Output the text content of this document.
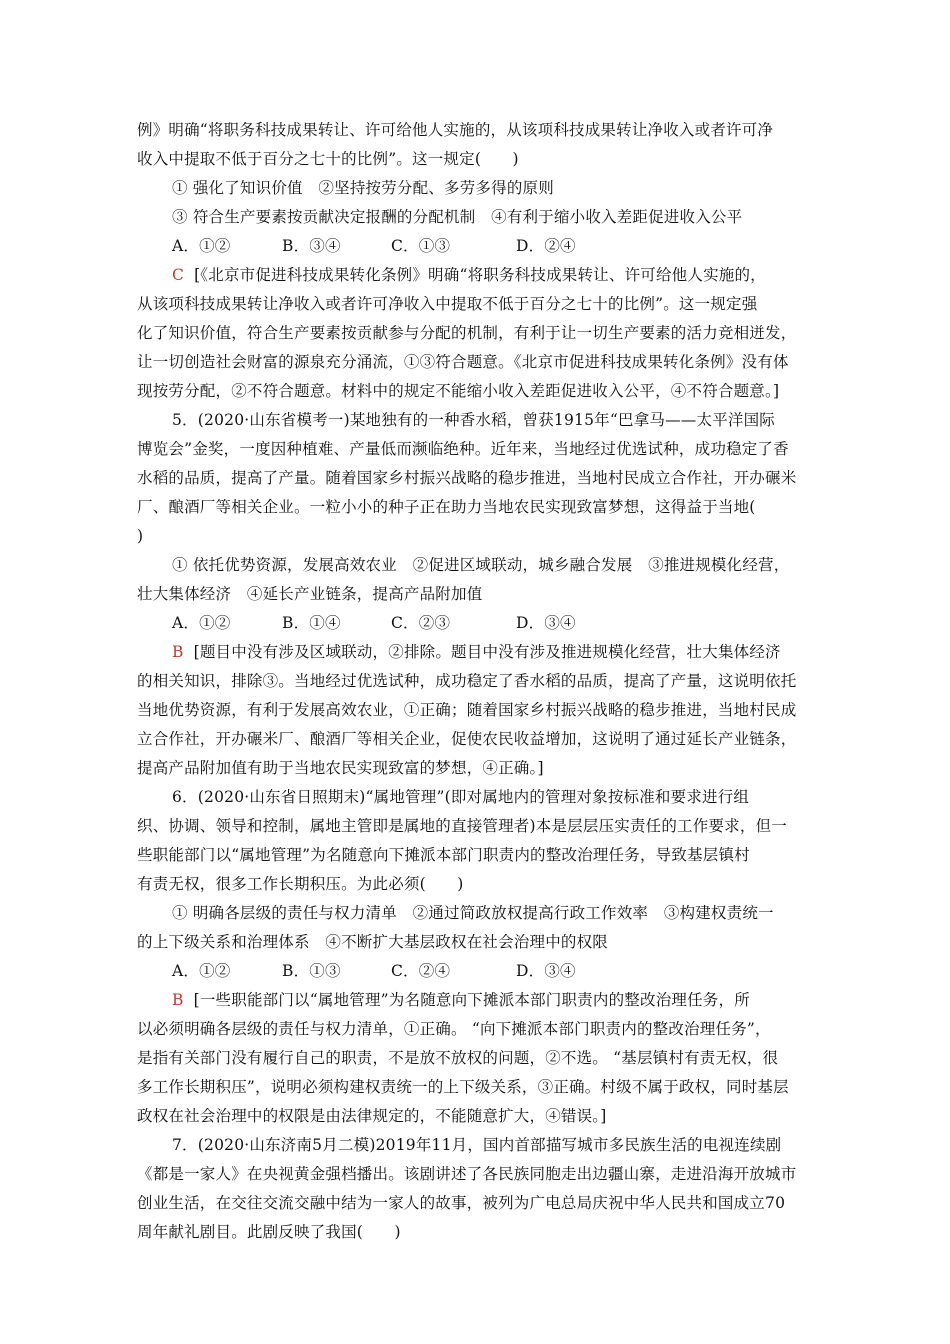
例》明确“将职务科技成果转让、许可给他人实施的，从该项科技成果转让净收入或者许可净
收入中提取不低于百分之七十的比例”。这一规定(　　)
① 强化了知识价值　②坚持按劳分配、多劳多得的原则
③ 符合生产要素按贡献决定报酬的分配机制　④有利于缩小收入差距促进收入公平
A．①②	B．③④	C．①③	D．②④
C [《北京市促进科技成果转化条例》明确“将职务科技成果转让、许可给他人实施的，
从该项科技成果转让净收入或者许可净收入中提取不低于百分之七十的比例”。这一规定强
化了知识价值，符合生产要素按贡献参与分配的机制，有利于让一切生产要素的活力竞相迸发，
让一切创造社会财富的源泉充分涌流，①③符合题意。《北京市促进科技成果转化条例》没有体
现按劳分配，②不符合题意。材料中的规定不能缩小收入差距促进收入公平，④不符合题意。]
5．(2020·山东省模考一)某地独有的一种香水稻，曾获1915年“巴拿马——太平洋国际
博览会”金奖，一度因种植难、产量低而濒临绝种。近年来，当地经过优选试种，成功稳定了香
水稻的品质，提高了产量。随着国家乡村振兴战略的稳步推进，当地村民成立合作社，开办碾米
厂、酿酒厂等相关企业。一粒小小的种子正在助力当地农民实现致富梦想，这得益于当地(
)
① 依托优势资源，发展高效农业　②促进区域联动，城乡融合发展　③推进规模化经营，
壮大集体经济　④延长产业链条，提高产品附加值
A．①②	B．①④	C．②③	D．③④
B [题目中没有涉及区域联动，②排除。题目中没有涉及推进规模化经营，壮大集体经济
的相关知识，排除③。当地经过优选试种，成功稳定了香水稻的品质，提高了产量，这说明依托
当地优势资源，有利于发展高效农业，①正确；随着国家乡村振兴战略的稳步推进，当地村民成
立合作社，开办碾米厂、酿酒厂等相关企业，促使农民收益增加，这说明了通过延长产业链条，
提高产品附加值有助于当地农民实现致富的梦想，④正确。]
6．(2020·山东省日照期末)“属地管理”(即对属地内的管理对象按标准和要求进行组
织、协调、领导和控制，属地主管即是属地的直接管理者)本是层层压实责任的工作要求，但一
些职能部门以“属地管理”为名随意向下摊派本部门职责内的整改治理任务，导致基层镇村
有责无权，很多工作长期积压。为此必须(　　)
① 明确各层级的责任与权力清单　②通过简政放权提高行政工作效率　③构建权责统一
的上下级关系和治理体系　④不断扩大基层政权在社会治理中的权限
A．①②	B．①③	C．②④	D．③④
B [一些职能部门以“属地管理”为名随意向下摊派本部门职责内的整改治理任务，所
以必须明确各层级的责任与权力清单，①正确。 “向下摊派本部门职责内的整改治理任务”，
是指有关部门没有履行自己的职责，不是放不放权的问题，②不选。 “基层镇村有责无权，很
多工作长期积压”，说明必须构建权责统一的上下级关系，③正确。村级不属于政权，同时基层
政权在社会治理中的权限是由法律规定的，不能随意扩大，④错误。]
7．(2020·山东济南5月二模)2019年11月，国内首部描写城市多民族生活的电视连续剧
《都是一家人》在央视黄金强档播出。该剧讲述了各民族同胞走出边疆山寨，走进沿海开放城市
创业生活，在交往交流交融中结为一家人的故事，被列为广电总局庆祝中华人民共和国成立70
周年献礼剧目。此剧反映了我国(　　)
